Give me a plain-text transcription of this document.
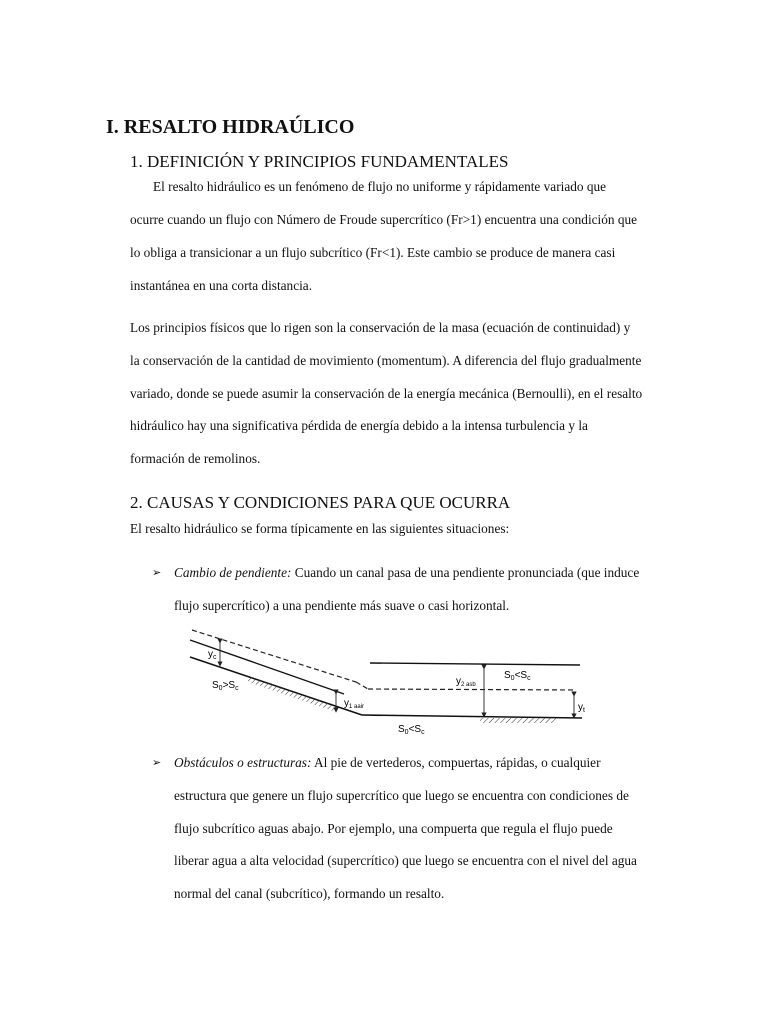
I. RESALTO HIDRAÚLICO
1. DEFINICIÓN Y PRINCIPIOS FUNDAMENTALES
El resalto hidráulico es un fenómeno de flujo no uniforme y rápidamente variado que
ocurre cuando un flujo con Número de Froude supercrítico (Fr>1) encuentra una condición que
lo obliga a transicionar a un flujo subcrítico (Fr<1). Este cambio se produce de manera casi
instantánea en una corta distancia.
Los principios físicos que lo rigen son la conservación de la masa (ecuación de continuidad) y
la conservación de la cantidad de movimiento (momentum). A diferencia del flujo gradualmente
variado, donde se puede asumir la conservación de la energía mecánica (Bernoulli), en el resalto
hidráulico hay una significativa pérdida de energía debido a la intensa turbulencia y la
formación de remolinos.
2. CAUSAS Y CONDICIONES PARA QUE OCURRA
El resalto hidráulico se forma típicamente en las siguientes situaciones:
➢ Cambio de pendiente: Cuando un canal pasa de una pendiente pronunciada (que induce
flujo supercrítico) a una pendiente más suave o casi horizontal.
$y_c$
$S_0>S_c$
$y_{1 aair}$
$y_{2 asb}$
$S_0<S_c$
$S_0<S_c$
$y_t$
➢ Obstáculos o estructuras: Al pie de vertederos, compuertas, rápidas, o cualquier
estructura que genere un flujo supercrítico que luego se encuentra con condiciones de
flujo subcrítico aguas abajo. Por ejemplo, una compuerta que regula el flujo puede
liberar agua a alta velocidad (supercrítico) que luego se encuentra con el nivel del agua
normal del canal (subcrítico), formando un resalto.
